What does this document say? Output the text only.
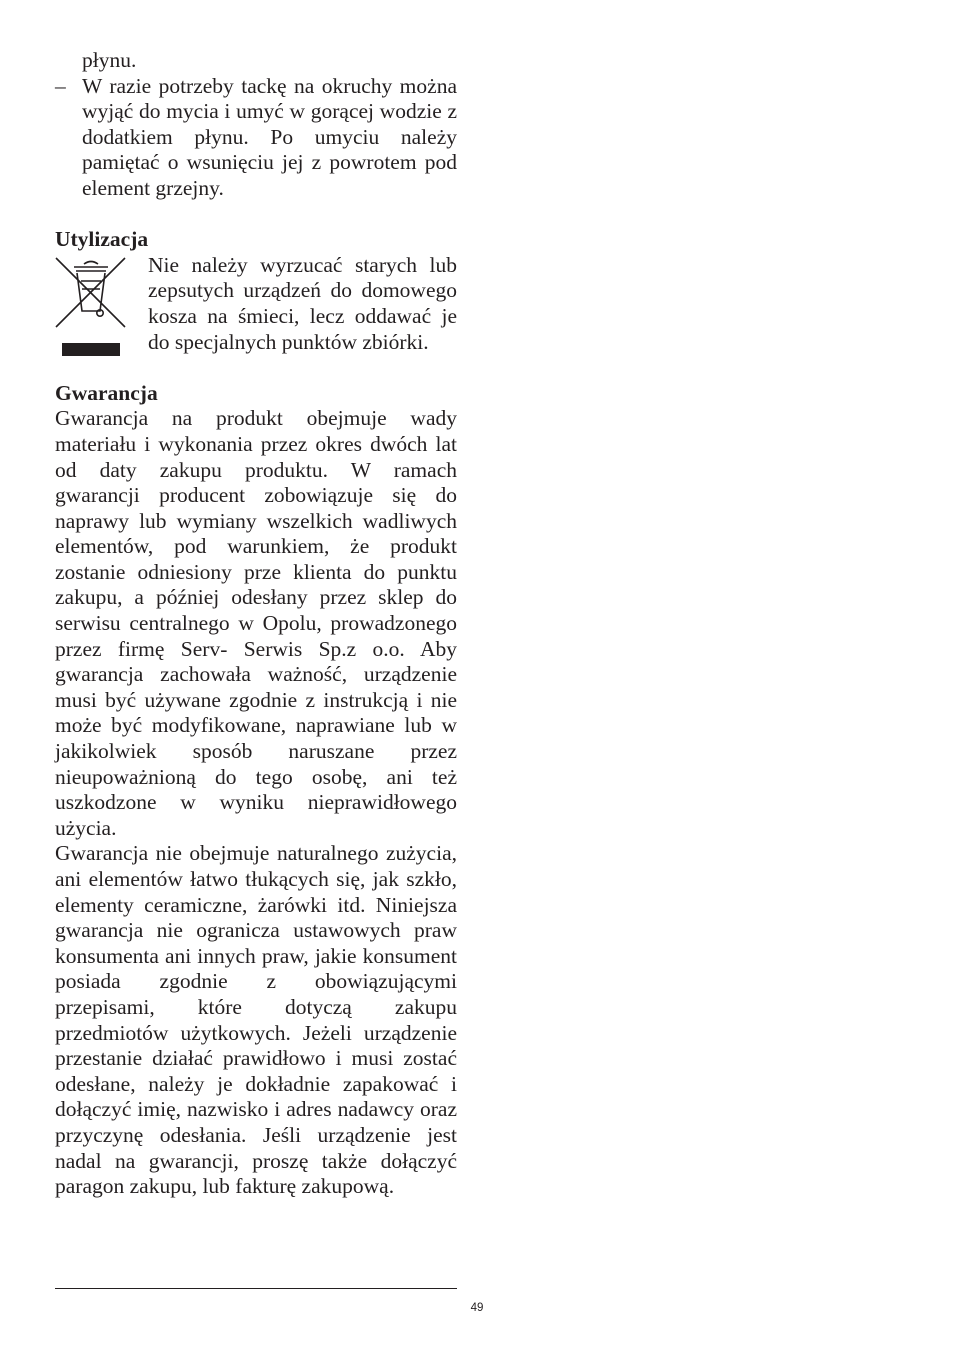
płynu.

– W razie potrzeby tackę na okruchy można wyjąć do mycia i umyć w gorącej wodzie z dodatkiem płynu. Po umyciu należy pamiętać o wsunięciu jej z powrotem pod element grzejny.
Utylizacja

Nie należy wyrzucać starych lub zepsutych urządzeń do domowego kosza na śmieci, lecz oddawać je do specjalnych punktów zbiórki.

Gwarancja

Gwarancja na produkt obejmuje wady materiału i wykonania przez okres dwóch lat od daty zakupu produktu. W ramach gwarancji producent zobowiązuje się do naprawy lub wymiany wszelkich wadliwych elementów, pod warunkiem, że produkt zostanie odniesiony prze klienta do punktu zakupu, a później odesłany przez sklep do serwisu centralnego w Opolu, prowadzonego przez firmę Serv- Serwis Sp.z o.o. Aby gwarancja zachowała ważność, urządzenie musi być używane zgodnie z instrukcją i nie może być modyfikowane, naprawiane lub w jakikolwiek sposób naruszane przez nieupoważnioną do tego osobę, ani też uszkodzone w wyniku nieprawidłowego użycia.

Gwarancja nie obejmuje naturalnego zużycia, ani elementów łatwo tłukących się, jak szkło, elementy ceramiczne, żarówki itd. Niniejsza gwarancja nie ogranicza ustawowych praw konsumenta ani innych praw, jakie konsument posiada zgodnie z obowiązującymi przepisami, które dotyczą zakupu przedmiotów użytkowych. Jeżeli urządzenie przestanie działać prawidłowo i musi zostać odesłane, należy je dokładnie zapakować i dołączyć imię, nazwisko i adres nadawcy oraz przyczynę odesłania. Jeśli urządzenie jest nadal na gwarancji, proszę także dołączyć paragon zakupu, lub fakturę zakupową.

49
